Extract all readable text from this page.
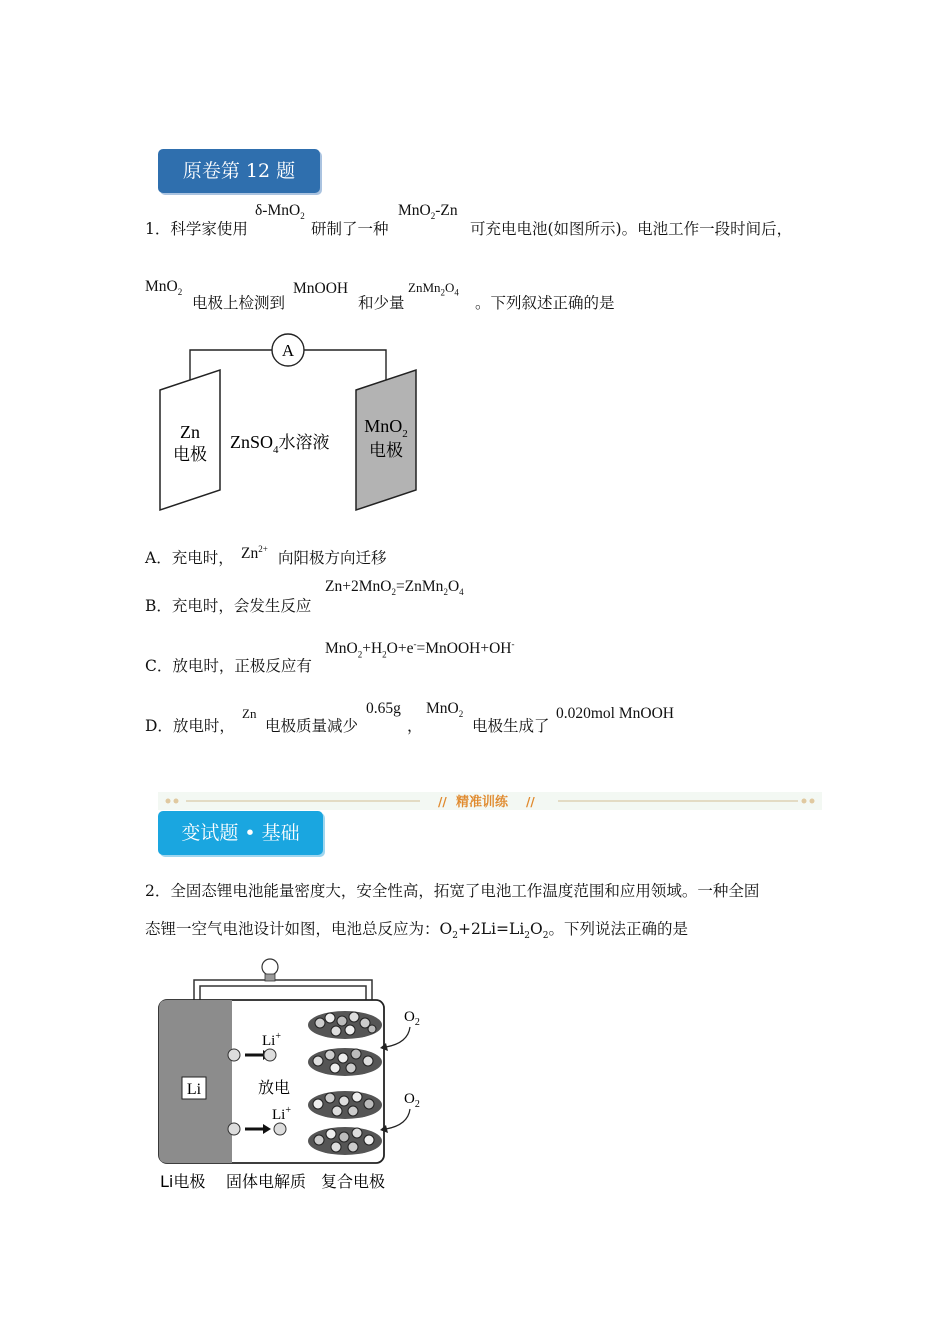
原卷第 12 题
1．科学家使用
δ-MnO$_2$
研制了一种
MnO$_2$-Zn
可充电电池(如图所示)。电池工作一段时间后，
MnO$_2$
电极上检测到
MnOOH
和少量
$ZnMn_2O_4$
。下列叙述正确的是
A
Zn
电极
ZnSO$_4$水溶液
MnO$_2$
电极
A．充电时， $Zn^{2+}$ 向阳极方向迁移
B．充电时，会发生反应
$Zn+2MnO_2=ZnMn_2O_4$
C．放电时，正极反应有
$MnO_2+H_2O+e^-=MnOOH+OH^-$
D．放电时，
Zn
电极质量减少
0.65g
，
MnO$_2$
电极生成了
0.020mol MnOOH
// 精准训练 //
变试题 • 基础
2．全固态锂电池能量密度大，安全性高，拓宽了电池工作温度范围和应用领域。一种全固
态锂一空气电池设计如图，电池总反应为：$O_2+2Li=Li_2O_2$。下列说法正确的是
Li
Li+
放电
Li+
$O_2$
$O_2$
Li电极 固体电解质 复合电极
